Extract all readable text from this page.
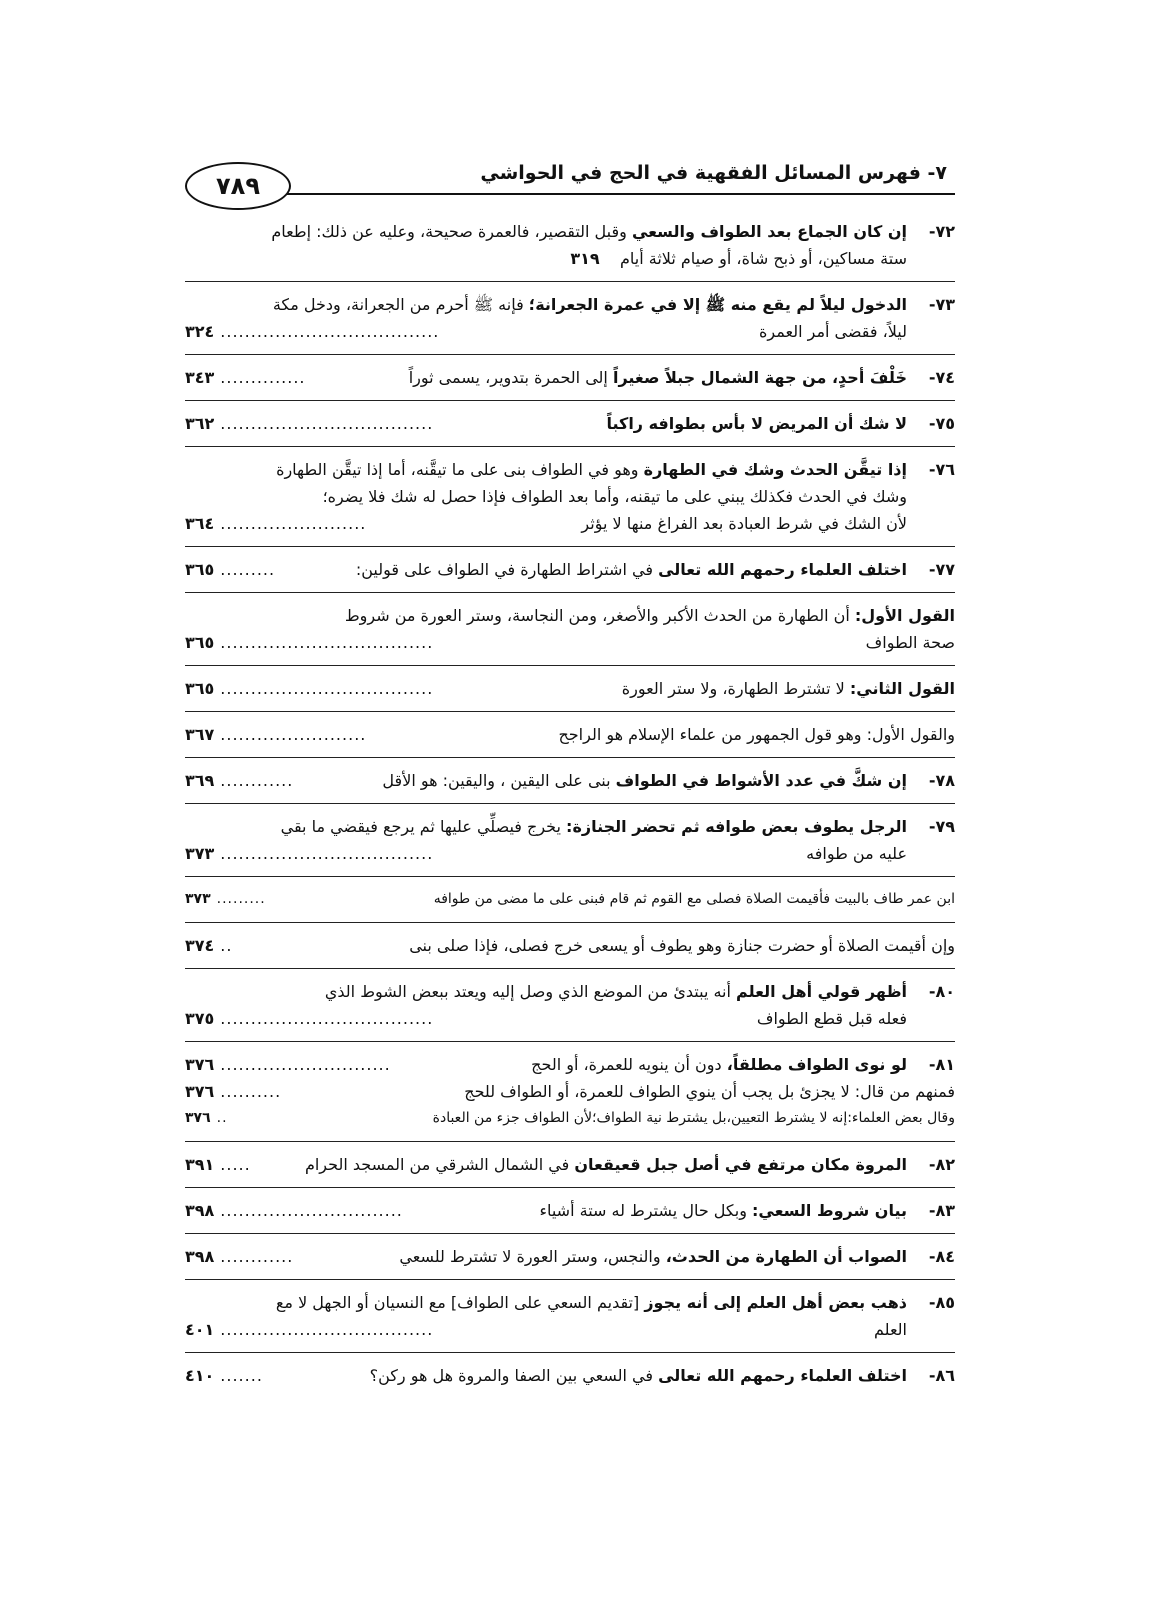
٧- فهرس المسائل الفقهية في الحج في الحواشي
٧٨٩
٧٢-
إن كان الجماع بعد الطواف والسعي وقبل التقصير، فالعمرة صحيحة، وعليه عن ذلك: إطعام
ستة مساكين، أو ذبح شاة، أو صيام ثلاثة أيام    ٣١٩
٧٣-
الدخول ليلاً لم يقع منه ﷺ إلا في عمرة الجعرانة؛ فإنه ﷺ أحرم من الجعرانة، ودخل مكة
ليلاً، فقضى أمر العمرة
....................................
٣٢٤
٧٤-
خَلْفَ أحدٍ، من جهة الشمال جبلاً صغيراً إلى الحمرة بتدوير، يسمى ثوراً
..............
٣٤٣
٧٥-
لا شك أن المريض لا بأس بطوافه راكباً
...................................
٣٦٢
٧٦-
إذا تيقَّن الحدث وشك في الطهارة وهو في الطواف بنى على ما تيقَّنه، أما إذا تيقَّن الطهارة
وشك في الحدث فكذلك يبني على ما تيقنه، وأما بعد الطواف فإذا حصل له شك فلا يضره؛
لأن الشك في شرط العبادة بعد الفراغ منها لا يؤثر
........................
٣٦٤
٧٧-
اختلف العلماء رحمهم الله تعالى في اشتراط الطهارة في الطواف على قولين:
.........
٣٦٥
القول الأول: أن الطهارة من الحدث الأكبر والأصغر، ومن النجاسة، وستر العورة من شروط
صحة الطواف
...................................
٣٦٥
القول الثاني: لا تشترط الطهارة، ولا ستر العورة
...................................
٣٦٥
والقول الأول: وهو قول الجمهور من علماء الإسلام هو الراجح
........................
٣٦٧
٧٨-
إن شكَّ في عدد الأشواط في الطواف بنى على اليقين ، واليقين: هو الأقل
............
٣٦٩
٧٩-
الرجل يطوف بعض طوافه ثم تحضر الجنازة: يخرج فيصلِّي عليها ثم يرجع فيقضي ما بقي
عليه من طوافه
...................................
٣٧٣
ابن عمر طاف بالبيت فأقيمت الصلاة فصلى مع القوم ثم قام فبنى على ما مضى من طوافه
.........
٣٧٣
وإن أقيمت الصلاة أو حضرت جنازة وهو يطوف أو يسعى خرج فصلى، فإذا صلى بنى
..
٣٧٤
٨٠-
أظهر قولي أهل العلم أنه يبتدئ من الموضع الذي وصل إليه ويعتد ببعض الشوط الذي
فعله قبل قطع الطواف
...................................
٣٧٥
٨١-
لو نوى الطواف مطلقاً، دون أن ينويه للعمرة، أو الحج
............................
٣٧٦
فمنهم من قال: لا يجزئ بل يجب أن ينوي الطواف للعمرة، أو الطواف للحج
..........
٣٧٦
وقال بعض العلماء:إنه لا يشترط التعيين،بل يشترط نية الطواف؛لأن الطواف جزء من العبادة
..
٣٧٦
٨٢-
المروة مكان مرتفع في أصل جبل قعيقعان في الشمال الشرقي من المسجد الحرام
.....
٣٩١
٨٣-
بيان شروط السعي: وبكل حال يشترط له ستة أشياء
..............................
٣٩٨
٨٤-
الصواب أن الطهارة من الحدث، والنجس، وستر العورة لا تشترط للسعي
............
٣٩٨
٨٥-
ذهب بعض أهل العلم إلى أنه يجوز [تقديم السعي على الطواف] مع النسيان أو الجهل لا مع
العلم
...................................
٤٠١
٨٦-
اختلف العلماء رحمهم الله تعالى في السعي بين الصفا والمروة هل هو ركن؟
.......
٤١٠
